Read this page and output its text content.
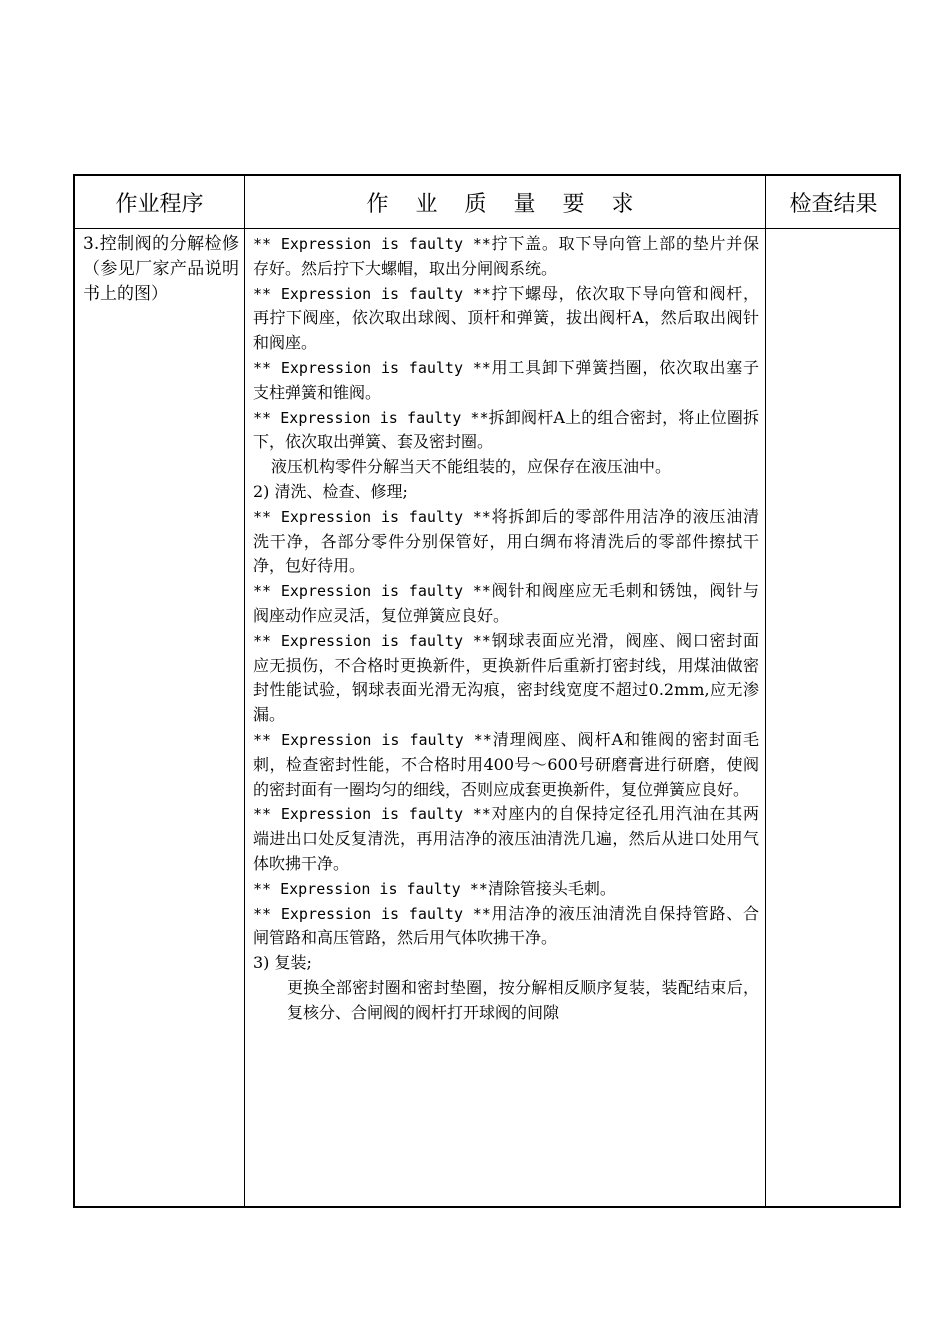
作业程序	作 业 质 量 要 求	检查结果
3.控制阀的分解检修（参见厂家产品说明书上的图）

** Expression is faulty **拧下盖。取下导向管上部的垫片并保存好。然后拧下大螺帽，取出分闸阀系统。

** Expression is faulty **拧下螺母，依次取下导向管和阀杆，再拧下阀座，依次取出球阀、顶杆和弹簧，拔出阀杆A，然后取出阀针和阀座。

** Expression is faulty **用工具卸下弹簧挡圈，依次取出塞子支柱弹簧和锥阀。

** Expression is faulty **拆卸阀杆A上的组合密封，将止位圈拆下，依次取出弹簧、套及密封圈。

液压机构零件分解当天不能组装的，应保存在液压油中。

2) 清洗、检查、修理;

** Expression is faulty **将拆卸后的零部件用洁净的液压油清洗干净，各部分零件分别保管好，用白绸布将清洗后的零部件擦拭干净，包好待用。

** Expression is faulty **阀针和阀座应无毛刺和锈蚀，阀针与阀座动作应灵活，复位弹簧应良好。

** Expression is faulty **钢球表面应光滑，阀座、阀口密封面应无损伤，不合格时更换新件，更换新件后重新打密封线，用煤油做密封性能试验，钢球表面光滑无沟痕，密封线宽度不超过0.2mm,应无渗漏。

** Expression is faulty **清理阀座、阀杆A和锥阀的密封面毛刺，检查密封性能，不合格时用400号～600号研磨膏进行研磨，使阀的密封面有一圈均匀的细线，否则应成套更换新件，复位弹簧应良好。

** Expression is faulty **对座内的自保持定径孔用汽油在其两端进出口处反复清洗，再用洁净的液压油清洗几遍，然后从进口处用气体吹拂干净。

** Expression is faulty **清除管接头毛刺。

** Expression is faulty **用洁净的液压油清洗自保持管路、合闸管路和高压管路，然后用气体吹拂干净。

3) 复装;

更换全部密封圈和密封垫圈，按分解相反顺序复装，装配结束后，复核分、合闸阀的阀杆打开球阀的间隙
